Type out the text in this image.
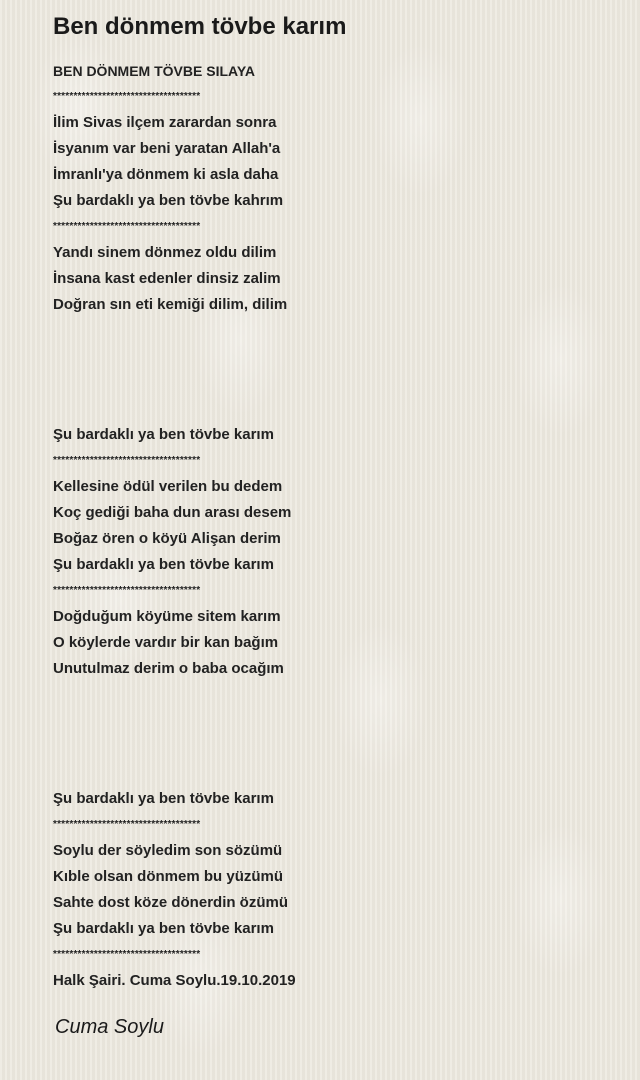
Ben dönmem tövbe karım
BEN DÖNMEM TÖVBE SILAYA
************************************
İlim Sivas ilçem zarardan sonra
İsyanım var beni yaratan Allah'a
İmranlı'ya dönmem ki asla daha
Şu bardaklı ya ben tövbe kahrım
************************************
Yandı sinem dönmez oldu dilim
İnsana kast edenler dinsiz zalim
Doğran sın eti kemiği dilim, dilim
Şu bardaklı ya ben tövbe karım
************************************
Kellesine ödül verilen bu dedem
Koç gediği baha dun arası desem
Boğaz ören o köyü Alişan derim
Şu bardaklı ya ben tövbe karım
************************************
Doğduğum köyüme sitem karım
O köylerde vardır bir kan bağım
Unutulmaz derim o baba ocağım
Şu bardaklı ya ben tövbe karım
************************************
Soylu der söyledim son sözümü
Kıble olsan dönmem bu yüzümü
Sahte dost köze dönerdin özümü
Şu bardaklı ya ben tövbe karım
************************************
Halk Şairi. Cuma Soylu.19.10.2019
Cuma Soylu
